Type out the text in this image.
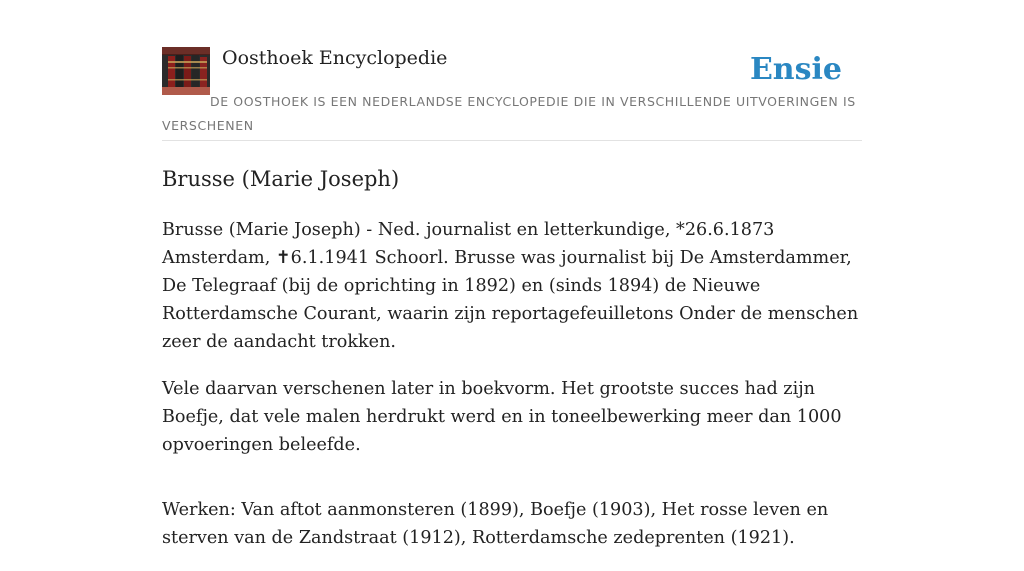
Oosthoek Encyclopedie	Ensie
DE OOSTHOEK IS EEN NEDERLANDSE ENCYCLOPEDIE DIE IN VERSCHILLENDE UITVOERINGEN IS VERSCHENEN
Brusse (Marie Joseph)

Brusse (Marie Joseph) - Ned. journalist en letterkundige, *26.6.1873 Amsterdam, ✝6.1.1941 Schoorl. Brusse was journalist bij De Amsterdammer, De Telegraaf (bij de oprichting in 1892) en (sinds 1894) de Nieuwe Rotterdamsche Courant, waarin zijn reportagefeuilletons Onder de menschen zeer de aandacht trokken.

Vele daarvan verschenen later in boekvorm. Het grootste succes had zijn Boefje, dat vele malen herdrukt werd en in toneelbewerking meer dan 1000 opvoeringen beleefde.

Werken: Van aftot aanmonsteren (1899), Boefje (1903), Het rosse leven en sterven van de Zandstraat (1912), Rotterdamsche zedeprenten (1921).
